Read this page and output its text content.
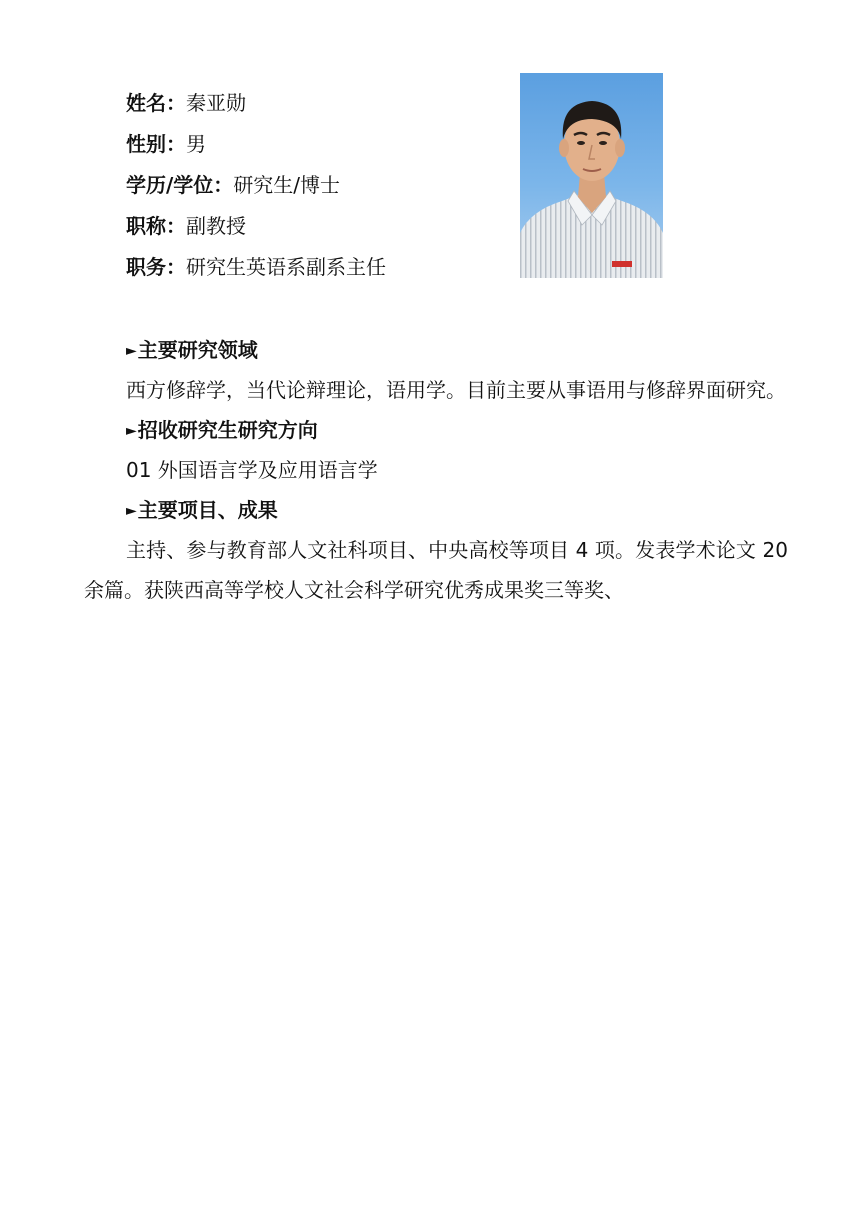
姓名：秦亚勋
性别：男
学历/学位：研究生/博士
职称：副教授
职务：研究生英语系副系主任
►主要研究领域

西方修辞学，当代论辩理论，语用学。目前主要从事语用与修辞界面研究。

►招收研究生研究方向

01 外国语言学及应用语言学

►主要项目、成果

主持、参与教育部人文社科项目、中央高校等项目 4 项。发表学术论文 20 余篇。获陕西高等学校人文社会科学研究优秀成果奖三等奖、
